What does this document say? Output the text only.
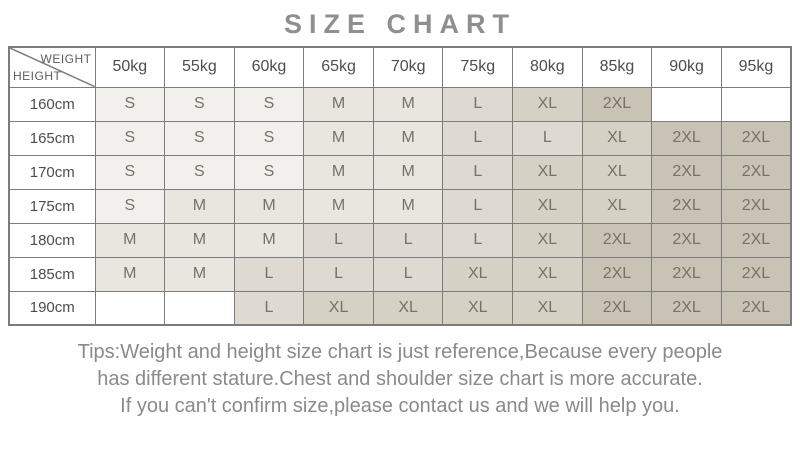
SIZE CHART
WEIGHT
HEIGHT	50kg	55kg	60kg	65kg	70kg	75kg	80kg	85kg	90kg	95kg
160cm	S	S	S	M	M	L	XL	2XL		
165cm	S	S	S	M	M	L	L	XL	2XL	2XL
170cm	S	S	S	M	M	L	XL	XL	2XL	2XL
175cm	S	M	M	M	M	L	XL	XL	2XL	2XL
180cm	M	M	M	L	L	L	XL	2XL	2XL	2XL
185cm	M	M	L	L	L	XL	XL	2XL	2XL	2XL
190cm			L	XL	XL	XL	XL	2XL	2XL	2XL
Tips:Weight and height size chart is just reference,Because every people
has different stature.Chest and shoulder size chart is more accurate.
If you can't confirm size,please contact us and we will help you.
